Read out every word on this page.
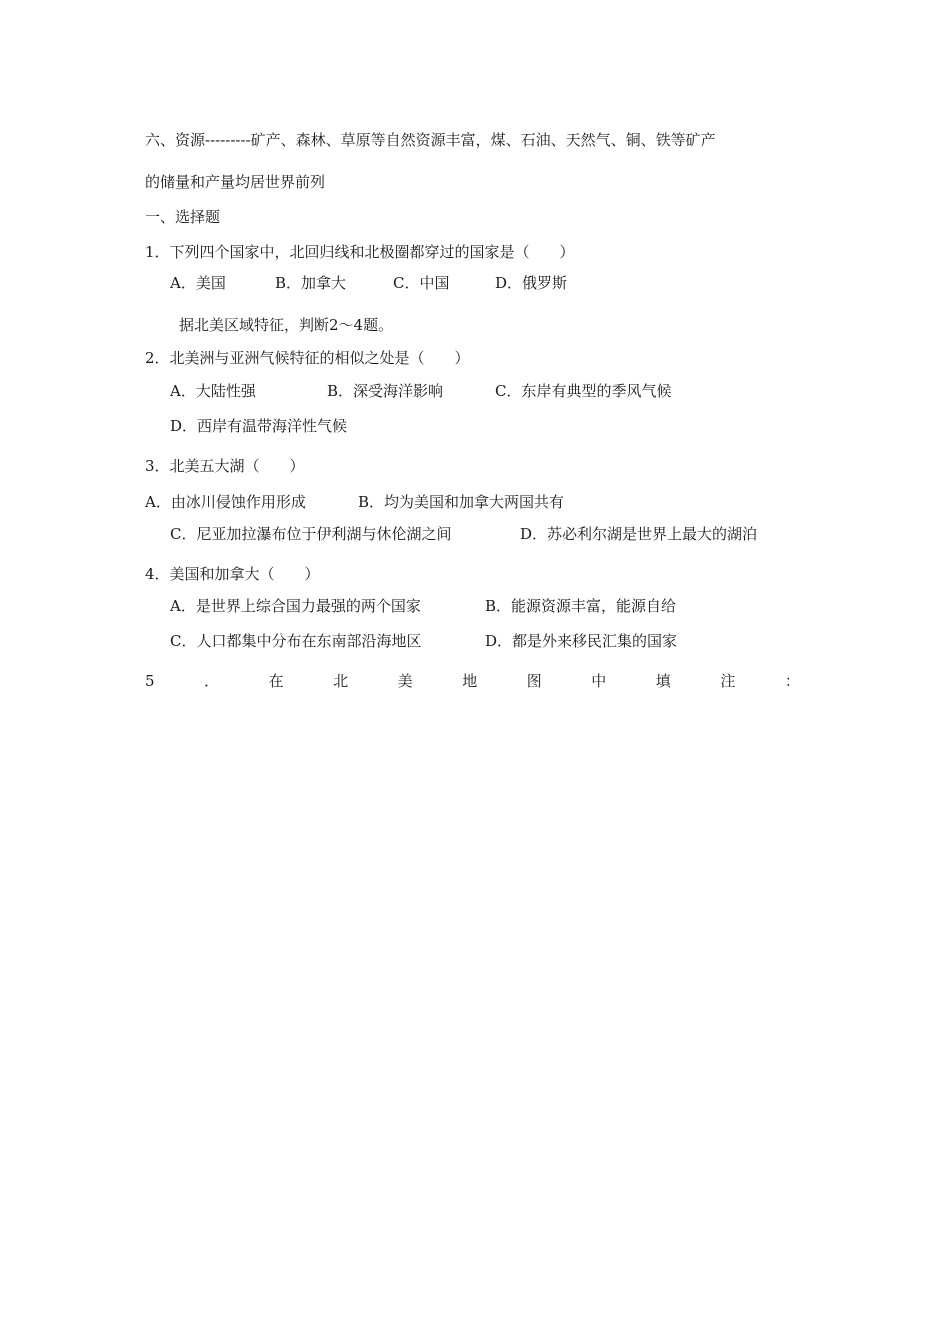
六、资源---------矿产、森林、草原等自然资源丰富，煤、石油、天然气、铜、铁等矿产
的储量和产量均居世界前列
一、选择题
1．下列四个国家中，北回归线和北极圈都穿过的国家是（　　）
A．美国	B．加拿大	C．中国	D．俄罗斯
据北美区域特征，判断2～4题。
2．北美洲与亚洲气候特征的相似之处是（　　）
A．大陆性强	B．深受海洋影响	C．东岸有典型的季风气候
D．西岸有温带海洋性气候
3．北美五大湖（　　）
A．由冰川侵蚀作用形成	B．均为美国和加拿大两国共有
C．尼亚加拉瀑布位于伊利湖与休伦湖之间	D．苏必利尔湖是世界上最大的湖泊
4．美国和加拿大（　　）
A．是世界上综合国力最强的两个国家	B．能源资源丰富，能源自给
C．人口都集中分布在东南部沿海地区	D．都是外来移民汇集的国家
5	．	在	北	美	地	图	中	填	注	：
